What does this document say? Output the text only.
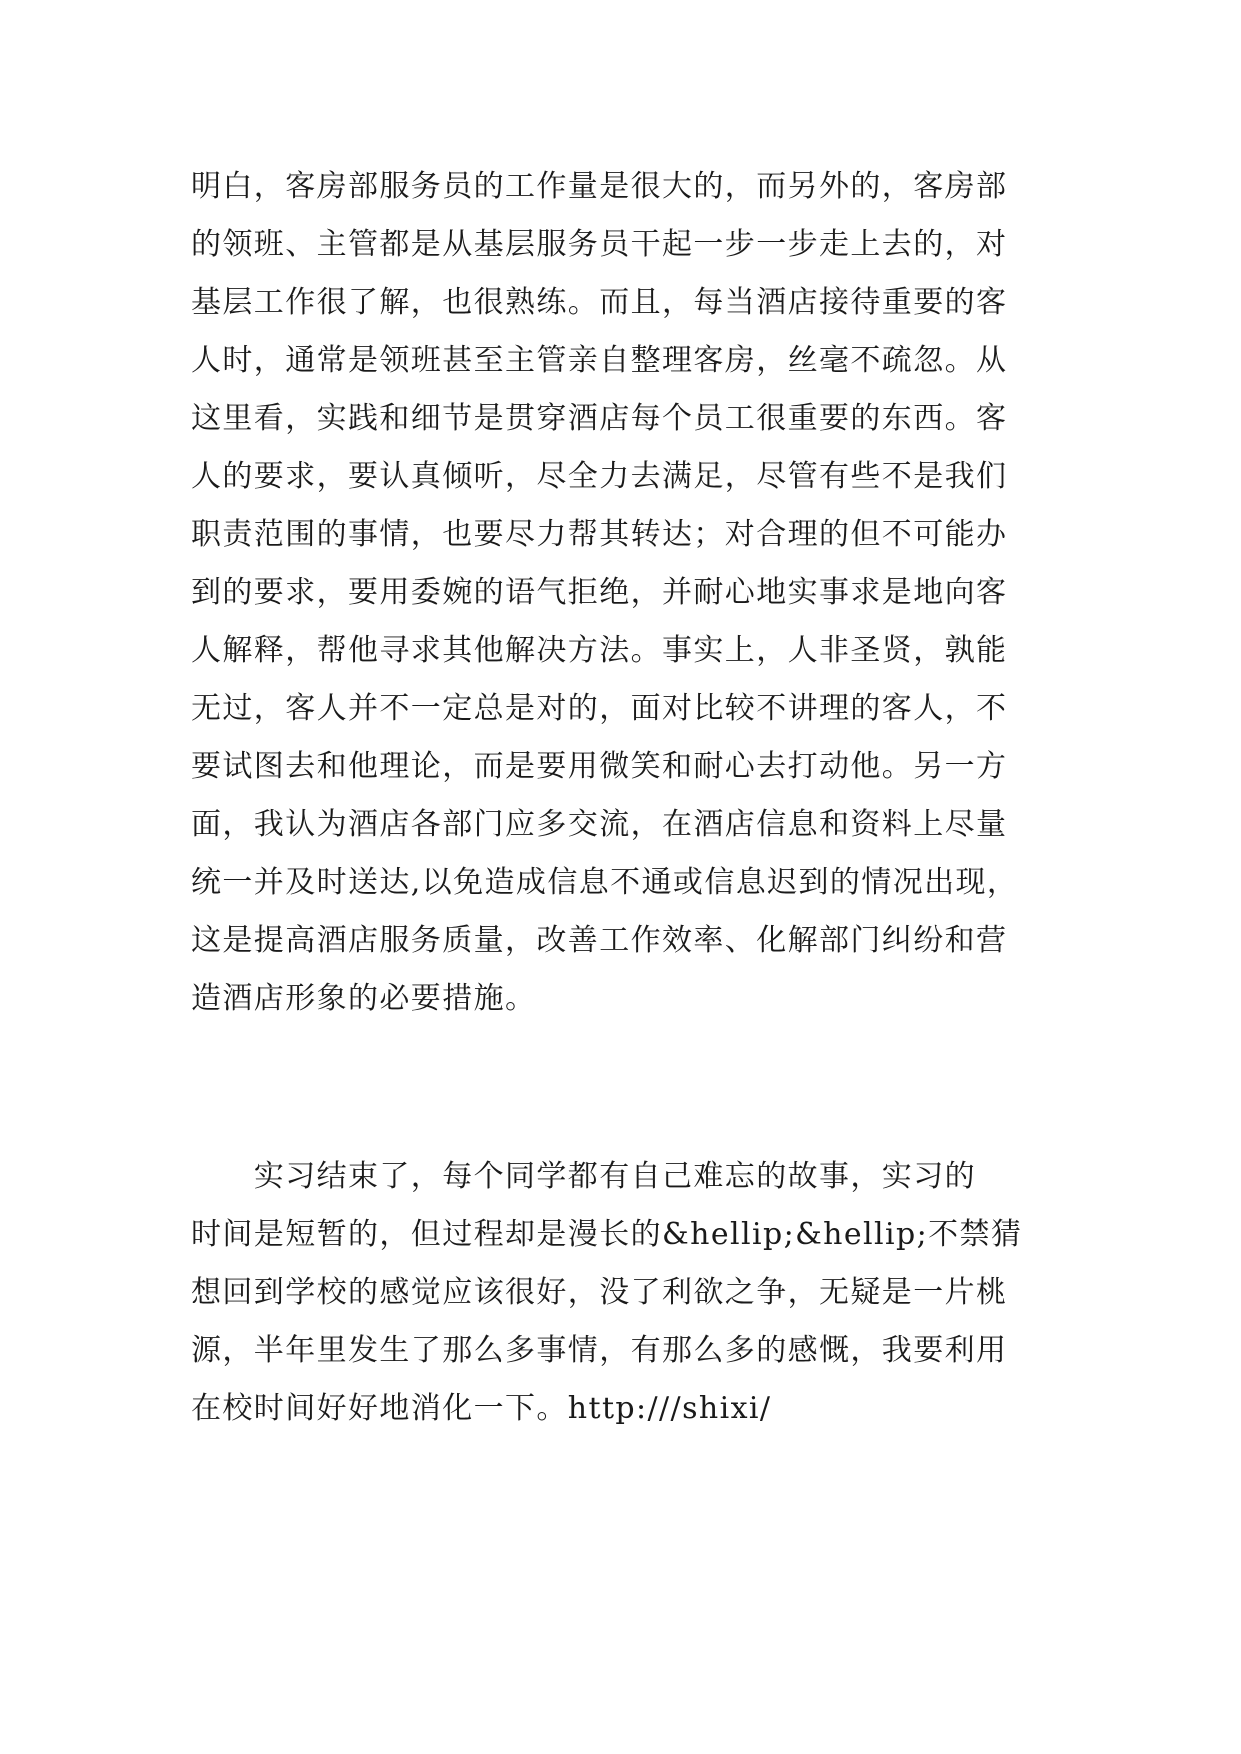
明白，客房部服务员的工作量是很大的，而另外的，客房部
的领班、主管都是从基层服务员干起一步一步走上去的，对
基层工作很了解，也很熟练。而且，每当酒店接待重要的客
人时，通常是领班甚至主管亲自整理客房，丝毫不疏忽。从
这里看，实践和细节是贯穿酒店每个员工很重要的东西。客
人的要求，要认真倾听，尽全力去满足，尽管有些不是我们
职责范围的事情，也要尽力帮其转达；对合理的但不可能办
到的要求，要用委婉的语气拒绝，并耐心地实事求是地向客
人解释，帮他寻求其他解决方法。事实上，人非圣贤，孰能
无过，客人并不一定总是对的，面对比较不讲理的客人，不
要试图去和他理论，而是要用微笑和耐心去打动他。另一方
面，我认为酒店各部门应多交流，在酒店信息和资料上尽量
统一并及时送达,以免造成信息不通或信息迟到的情况出现，
这是提高酒店服务质量，改善工作效率、化解部门纠纷和营
造酒店形象的必要措施。
　　实习结束了，每个同学都有自己难忘的故事，实习的
时间是短暂的，但过程却是漫长的&hellip;&hellip;不禁猜
想回到学校的感觉应该很好，没了利欲之争，无疑是一片桃
源，半年里发生了那么多事情，有那么多的感慨，我要利用
在校时间好好地消化一下。http:///shixi/
